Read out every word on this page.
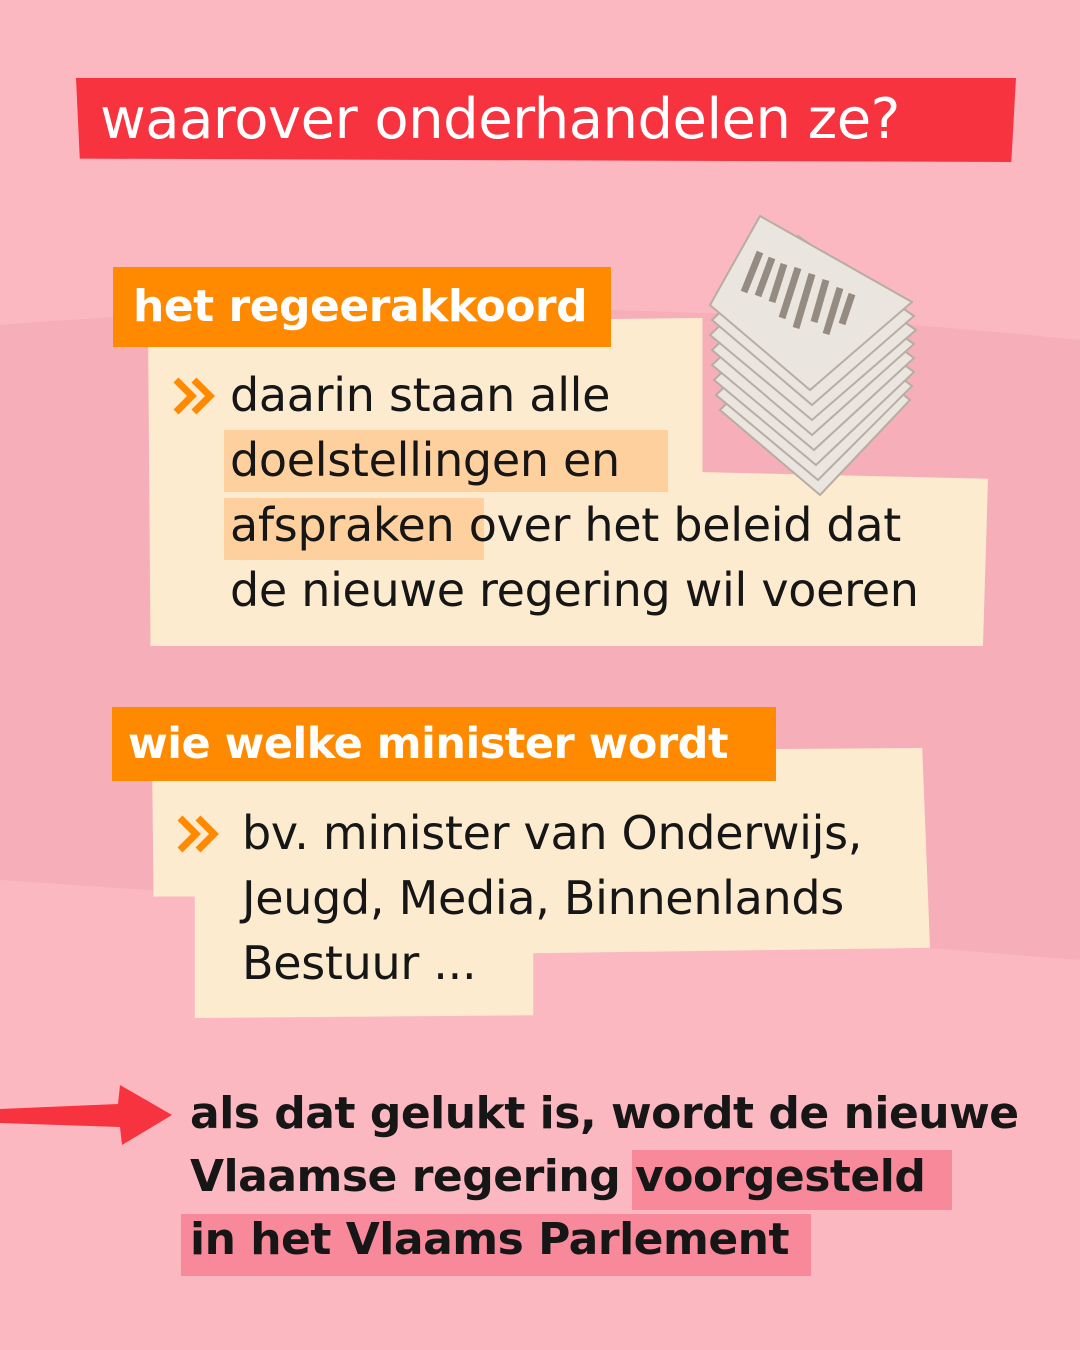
waarover onderhandelen ze?
het regeerakkoord
daarin staan alle
doelstellingen en
afspraken over het beleid dat
de nieuwe regering wil voeren
wie welke minister wordt
bv. minister van Onderwijs,
Jeugd, Media, Binnenlands
Bestuur ...
als dat gelukt is, wordt de nieuwe
Vlaamse regering voorgesteld
in het Vlaams Parlement
